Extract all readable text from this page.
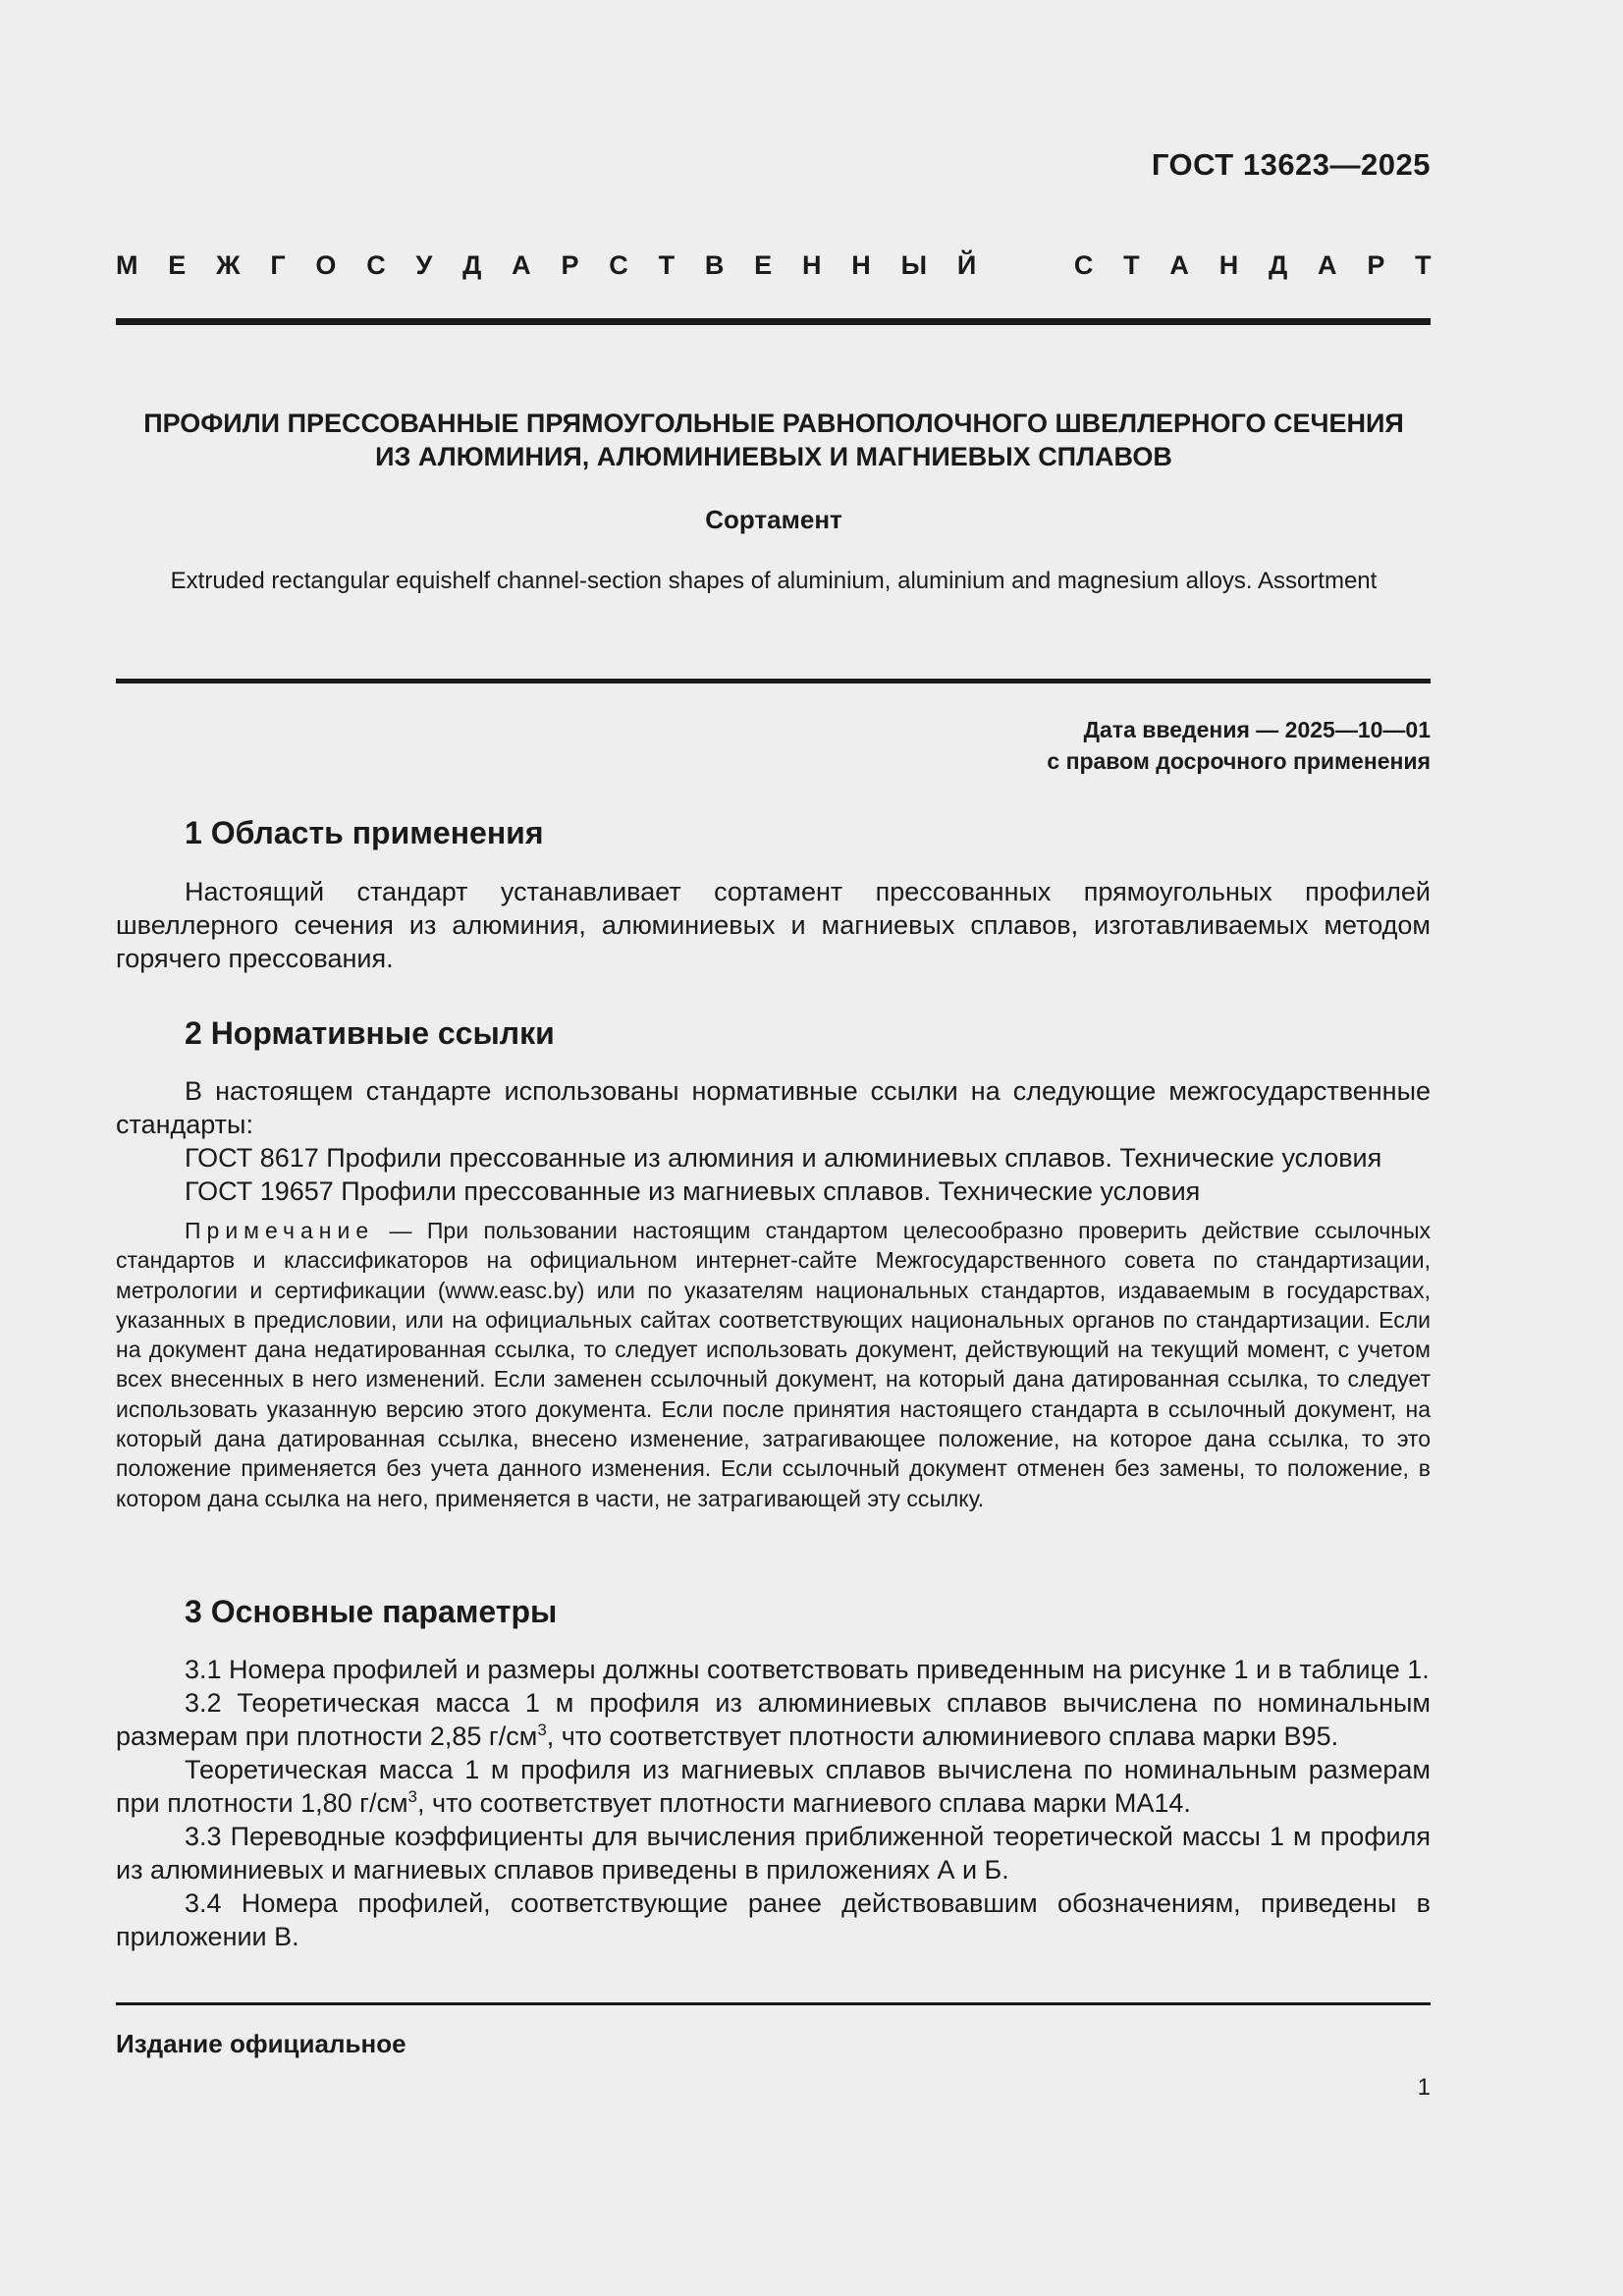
ГОСТ 13623—2025
М Е Ж Г О С У Д А Р С Т В Е Н Н Ы Й	С Т А Н Д А Р Т
ПРОФИЛИ ПРЕССОВАННЫЕ ПРЯМОУГОЛЬНЫЕ РАВНОПОЛОЧНОГО ШВЕЛЛЕРНОГО СЕЧЕНИЯ
ИЗ АЛЮМИНИЯ, АЛЮМИНИЕВЫХ И МАГНИЕВЫХ СПЛАВОВ
Сортамент
Extruded rectangular equishelf channel-section shapes of aluminium, aluminium and magnesium alloys. Assortment
Дата введения — 2025—10—01
с правом досрочного применения
1 Область применения
Настоящий стандарт устанавливает сортамент прессованных прямоугольных профилей швеллерного сечения из алюминия, алюминиевых и магниевых сплавов, изготавливаемых методом горячего прессования.
2 Нормативные ссылки
В настоящем стандарте использованы нормативные ссылки на следующие межгосударственные стандарты:
ГОСТ 8617 Профили прессованные из алюминия и алюминиевых сплавов. Технические условия
ГОСТ 19657 Профили прессованные из магниевых сплавов. Технические условия
Примечание — При пользовании настоящим стандартом целесообразно проверить действие ссылочных стандартов и классификаторов на официальном интернет-сайте Межгосударственного совета по стандартизации, метрологии и сертификации (www.easc.by) или по указателям национальных стандартов, издаваемым в государствах, указанных в предисловии, или на официальных сайтах соответствующих национальных органов по стандартизации. Если на документ дана недатированная ссылка, то следует использовать документ, действующий на текущий момент, с учетом всех внесенных в него изменений. Если заменен ссылочный документ, на который дана датированная ссылка, то следует использовать указанную версию этого документа. Если после принятия настоящего стандарта в ссылочный документ, на который дана датированная ссылка, внесено изменение, затрагивающее положение, на которое дана ссылка, то это положение применяется без учета данного изменения. Если ссылочный документ отменен без замены, то положение, в котором дана ссылка на него, применяется в части, не затрагивающей эту ссылку.
3 Основные параметры
3.1 Номера профилей и размеры должны соответствовать приведенным на рисунке 1 и в таблице 1.
3.2 Теоретическая масса 1 м профиля из алюминиевых сплавов вычислена по номинальным размерам при плотности 2,85 $г/см^3$, что соответствует плотности алюминиевого сплава марки В95.
Теоретическая масса 1 м профиля из магниевых сплавов вычислена по номинальным размерам при плотности 1,80 $г/см^3$, что соответствует плотности магниевого сплава марки МА14.
3.3 Переводные коэффициенты для вычисления приближенной теоретической массы 1 м профиля из алюминиевых и магниевых сплавов приведены в приложениях А и Б.
3.4 Номера профилей, соответствующие ранее действовавшим обозначениям, приведены в приложении В.
Издание официальное
1
